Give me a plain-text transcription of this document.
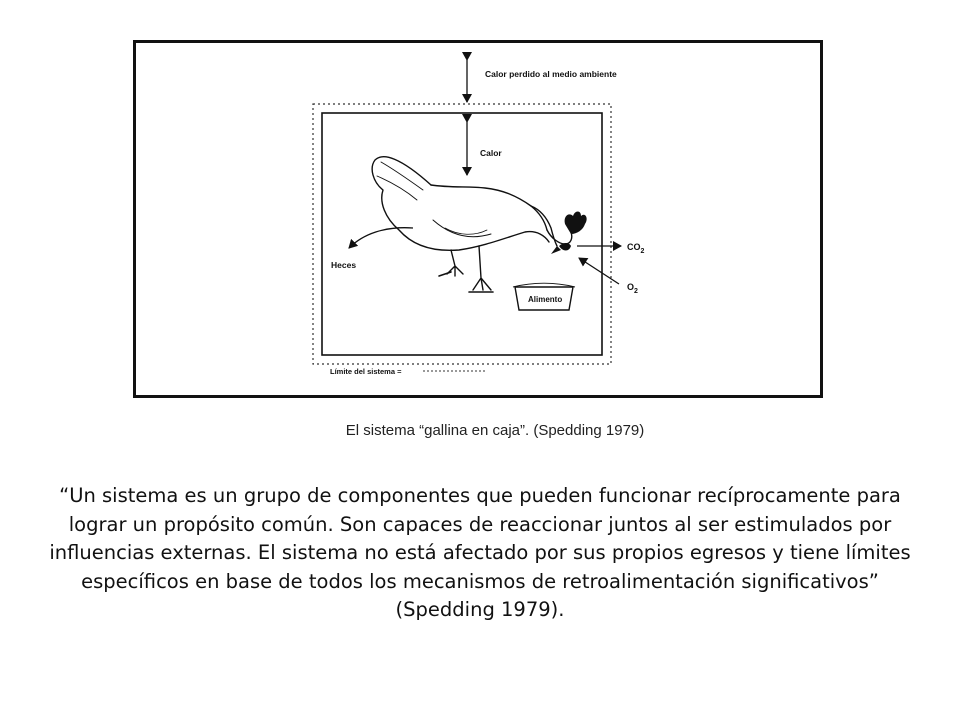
Calor perdido al medio ambiente
Calor
Heces
$CO_2$
$O_2$
Alimento
Límite del sistema =
El sistema “gallina en caja”. (Spedding 1979)
“Un sistema es un grupo de componentes que pueden funcionar recíprocamente para lograr un propósito común. Son capaces de reaccionar juntos al ser estimulados por influencias externas. El sistema no está afectado por sus propios egresos y tiene límites específicos en base de todos los mecanismos de retroalimentación significativos” (Spedding 1979).
